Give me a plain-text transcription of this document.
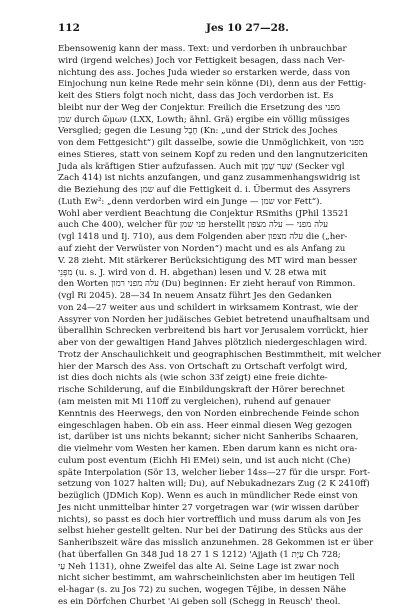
112	Jes 10 27—28.
Ebensowenig kann der mass. Text: und verdorben ih unbrauchbar
wird (irgend welches) Joch vor Fettigkeit besagen, dass nach Ver-
nichtung des ass. Joches Juda wieder so erstarken werde, dass von
Einjochung nun keine Rede mehr sein könne (Di), denn aus der Fettig-
keit des Stiers folgt noch nicht, dass das Joch verdorben ist. Es
bleibt nur der Weg der Conjektur. Freilich die Ersetzung des מפני
שמן durch ὤμων (LXX, Lowth; ähnl. Grä) ergibe ein völlig müssiges
Versglied; gegen die Lesung חֶבֶל (Kn: „und der Strick des Joches
von dem Fettgesicht“) gilt dasselbe, sowie die Unmöglichkeit, von מפני
eines Stieres, statt von seinem Kopf zu reden und den langnutzericiten
Juda als kräftigen Stier aufzufassen. Auch mit שַׁעַר שָׁמָן (Secker vgl
Zach 414) ist nichts anzufangen, und ganz zusammenhangswidrig ist
die Beziehung des שמן auf die Fettigkeit d. i. Übermut des Assyrers
(Luth Ew²: „denn verdorben wird ein Junge — שמן vor Fett“).
Wohl aber verdient Beachtung die Conjektur RSmiths (JPhil 13521
auch Che 400), welcher für פני שמן herstellt עלה מפני — עלה מצפון
(vgl 1418 und Ij. 710), aus dem Folgenden aber עלה מצפון die („her-
auf zieht der Verwüster von Norden“) macht und es als Anfang zu
V. 28 zieht. Mit stärkerer Berücksichtigung des MT wird man besser
מִפְּנֵי (u. s. J. wird von d. H. abgethan) lesen und V. 28 etwa mit
den Worten עלה מפני רמון (Du) beginnen: Er zieht herauf von Rimmon.
(vgl Ri 2045). 28—34 In neuem Ansatz führt Jes den Gedanken
von 24—27 weiter aus und schildert in wirksamem Kontrast, wie der
Assyrer von Norden her judäisches Gebiet betretend unaufhaltsam und
überallhin Schrecken verbreitend bis hart vor Jerusalem vorrückt, hier
aber von der gewaltigen Hand Jahves plötzlich niedergeschlagen wird.
Trotz der Anschaulichkeit und geographischen Bestimmtheit, mit welcher
hier der Marsch des Ass. von Ortschaft zu Ortschaft verfolgt wird,
ist dies doch nichts als (wie schon 33f zeigt) eine freie dichte-
rische Schilderung, auf die Einbildungskraft der Hörer berechnet
(am meisten mit Mi 110ff zu vergleichen), ruhend auf genauer
Kenntnis des Heerwegs, den von Norden einbrechende Feinde schon
eingeschlagen haben. Ob ein ass. Heer einmal diesen Weg gezogen
ist, darüber ist uns nichts bekannt; sicher nicht Sanheribs Schaaren,
die vielmehr vom Westen her kamen. Eben darum kann es nicht ora-
culum post eventum (Eichh Hi EMei) sein, und ist auch nicht (Che)
späte Interpolation (Sör 13, welcher lieber 14ss—27 für die urspr. Fort-
setzung von 1027 halten will; Du), auf Nebukadnezars Zug (2 K 2410ff)
bezüglich (JDMich Kop). Wenn es auch in mündlicher Rede einst von
Jes nicht unmittelbar hinter 27 vorgetragen war (wir wissen darüber
nichts), so passt es doch hier vortrefflich und muss darum als von Jes
selbst hieher gestellt gelten. Nur bei der Datirung des Stücks aus der
Sanheribszeit wäre das misslich anzunehmen. 28 Gekommen ist er über
(hat überfallen Gn 348 Jud 18 27 1 S 1212) 'Ajjath (עַיָּת 1 Ch 728;
עַי Neh 1131), ohne Zweifel das alte Ai. Seine Lage ist zwar noch
nicht sicher bestimmt, am wahrscheinlichsten aber im heutigen Tell
el-hagar (s. zu Jos 72) zu suchen, wogegen Tējibe, in dessen Nähe
es ein Dörfchen Churbet 'Ai geben soll (Schegg in Reusch' theol.
